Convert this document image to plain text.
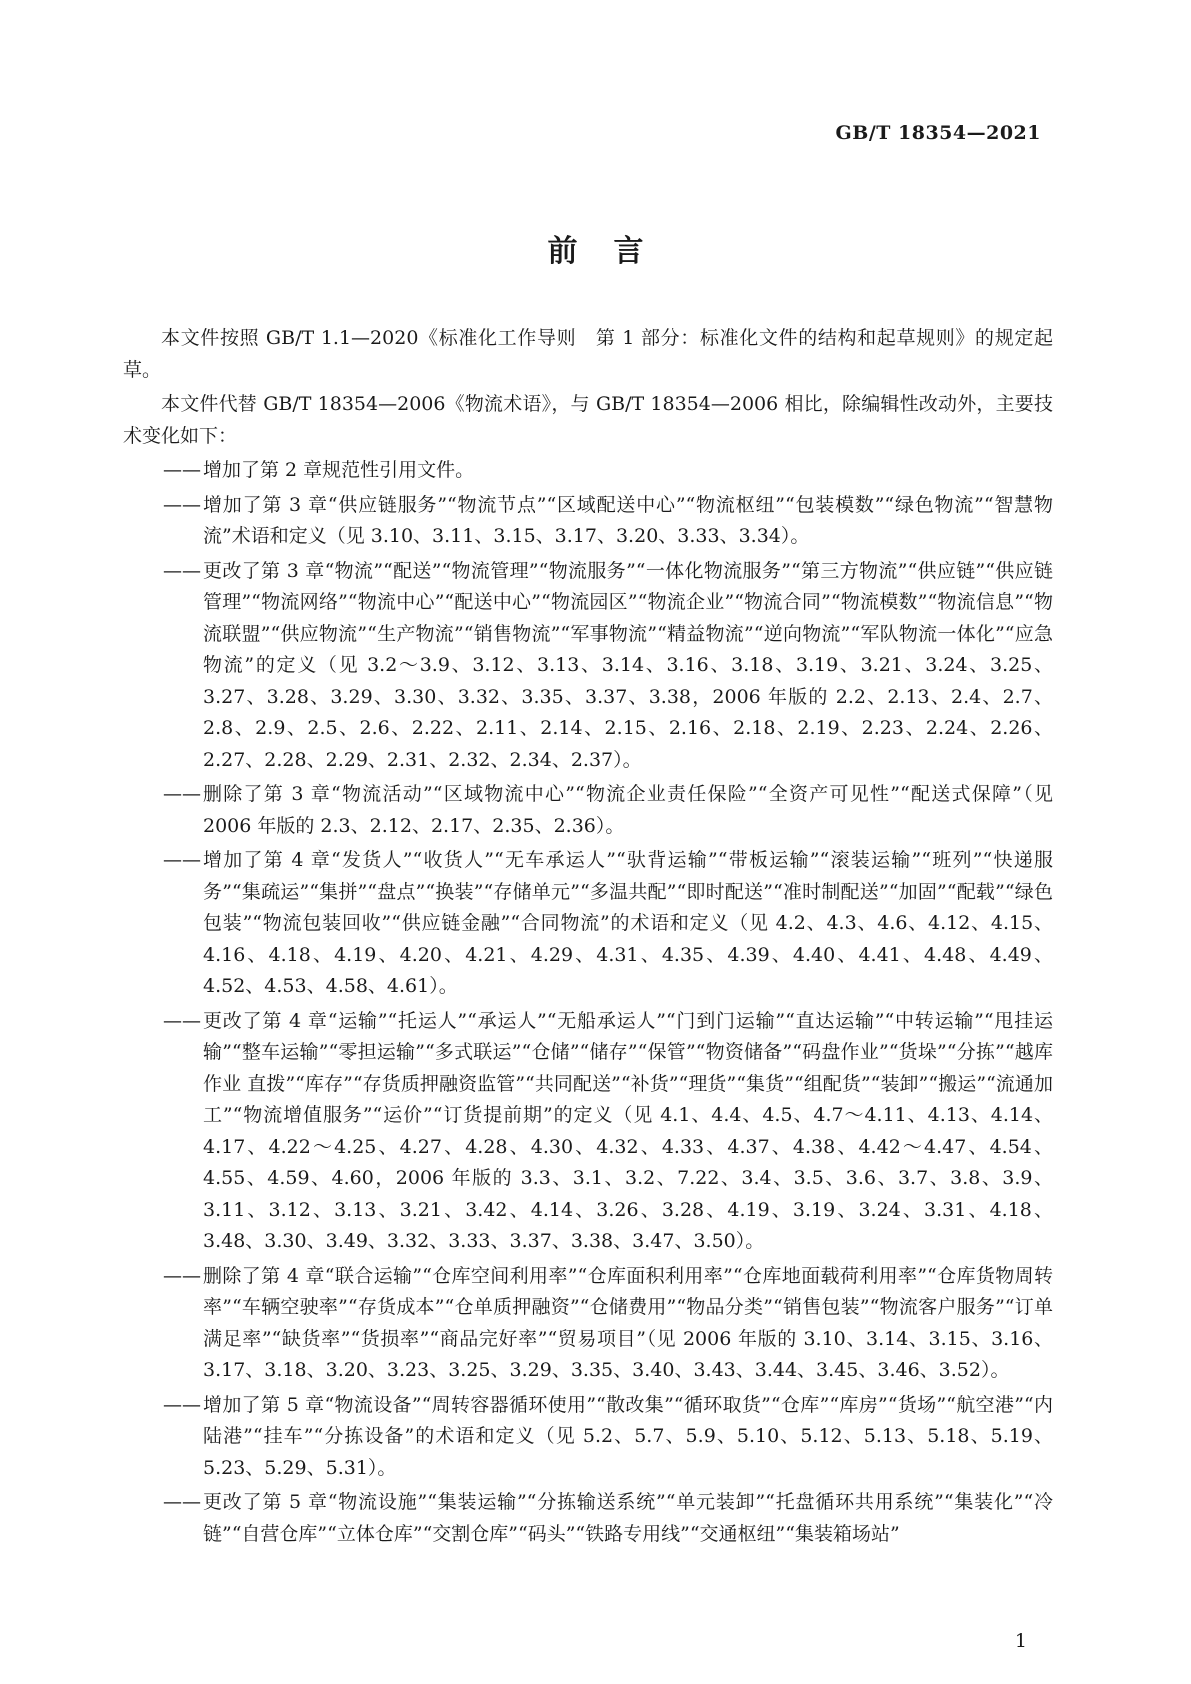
GB/T 18354—2021
前言

本文件按照 GB/T 1.1—2020《标准化工作导则　第 1 部分：标准化文件的结构和起草规则》的规定起草。

本文件代替 GB/T 18354—2006《物流术语》，与 GB/T 18354—2006 相比，除编辑性改动外，主要技术变化如下：

—— 增加了第 2 章规范性引用文件。
—— 增加了第 3 章“供应链服务”“物流节点”“区域配送中心”“物流枢纽”“包装模数”“绿色物流”“智慧物流”术语和定义（见 3.10、3.11、3.15、3.17、3.20、3.33、3.34）。
—— 更改了第 3 章“物流”“配送”“物流管理”“物流服务”“一体化物流服务”“第三方物流”“供应链”“供应链管理”“物流网络”“物流中心”“配送中心”“物流园区”“物流企业”“物流合同”“物流模数”“物流信息”“物流联盟”“供应物流”“生产物流”“销售物流”“军事物流”“精益物流”“逆向物流”“军队物流一体化”“应急物流”的定义（见 3.2～3.9、3.12、3.13、3.14、3.16、3.18、3.19、3.21、3.24、3.25、3.27、3.28、3.29、3.30、3.32、3.35、3.37、3.38，2006 年版的 2.2、2.13、2.4、2.7、2.8、2.9、2.5、2.6、2.22、2.11、2.14、2.15、2.16、2.18、2.19、2.23、2.24、2.26、2.27、2.28、2.29、2.31、2.32、2.34、2.37）。
—— 删除了第 3 章“物流活动”“区域物流中心”“物流企业责任保险”“全资产可见性”“配送式保障”（见 2006 年版的 2.3、2.12、2.17、2.35、2.36）。
—— 增加了第 4 章“发货人”“收货人”“无车承运人”“驮背运输”“带板运输”“滚装运输”“班列”“快递服务”“集疏运”“集拼”“盘点”“换装”“存储单元”“多温共配”“即时配送”“准时制配送”“加固”“配载”“绿色包装”“物流包装回收”“供应链金融”“合同物流”的术语和定义（见 4.2、4.3、4.6、4.12、4.15、4.16、4.18、4.19、4.20、4.21、4.29、4.31、4.35、4.39、4.40、4.41、4.48、4.49、4.52、4.53、4.58、4.61）。
—— 更改了第 4 章“运输”“托运人”“承运人”“无船承运人”“门到门运输”“直达运输”“中转运输”“甩挂运输”“整车运输”“零担运输”“多式联运”“仓储”“储存”“保管”“物资储备”“码盘作业”“货垛”“分拣”“越库作业 直拨”“库存”“存货质押融资监管”“共同配送”“补货”“理货”“集货”“组配货”“装卸”“搬运”“流通加工”“物流增值服务”“运价”“订货提前期”的定义（见 4.1、4.4、4.5、4.7～4.11、4.13、4.14、4.17、4.22～4.25、4.27、4.28、4.30、4.32、4.33、4.37、4.38、4.42～4.47、4.54、4.55、4.59、4.60，2006 年版的 3.3、3.1、3.2、7.22、3.4、3.5、3.6、3.7、3.8、3.9、3.11、3.12、3.13、3.21、3.42、4.14、3.26、3.28、4.19、3.19、3.24、3.31、4.18、3.48、3.30、3.49、3.32、3.33、3.37、3.38、3.47、3.50）。
—— 删除了第 4 章“联合运输”“仓库空间利用率”“仓库面积利用率”“仓库地面载荷利用率”“仓库货物周转率”“车辆空驶率”“存货成本”“仓单质押融资”“仓储费用”“物品分类”“销售包装”“物流客户服务”“订单满足率”“缺货率”“货损率”“商品完好率”“贸易项目”（见 2006 年版的 3.10、3.14、3.15、3.16、3.17、3.18、3.20、3.23、3.25、3.29、3.35、3.40、3.43、3.44、3.45、3.46、3.52）。
—— 增加了第 5 章“物流设备”“周转容器循环使用”“散改集”“循环取货”“仓库”“库房”“货场”“航空港”“内陆港”“挂车”“分拣设备”的术语和定义（见 5.2、5.7、5.9、5.10、5.12、5.13、5.18、5.19、5.23、5.29、5.31）。
—— 更改了第 5 章“物流设施”“集装运输”“分拣输送系统”“单元装卸”“托盘循环共用系统”“集装化”“冷链”“自营仓库”“立体仓库”“交割仓库”“码头”“铁路专用线”“交通枢纽”“集装箱场站”
1
